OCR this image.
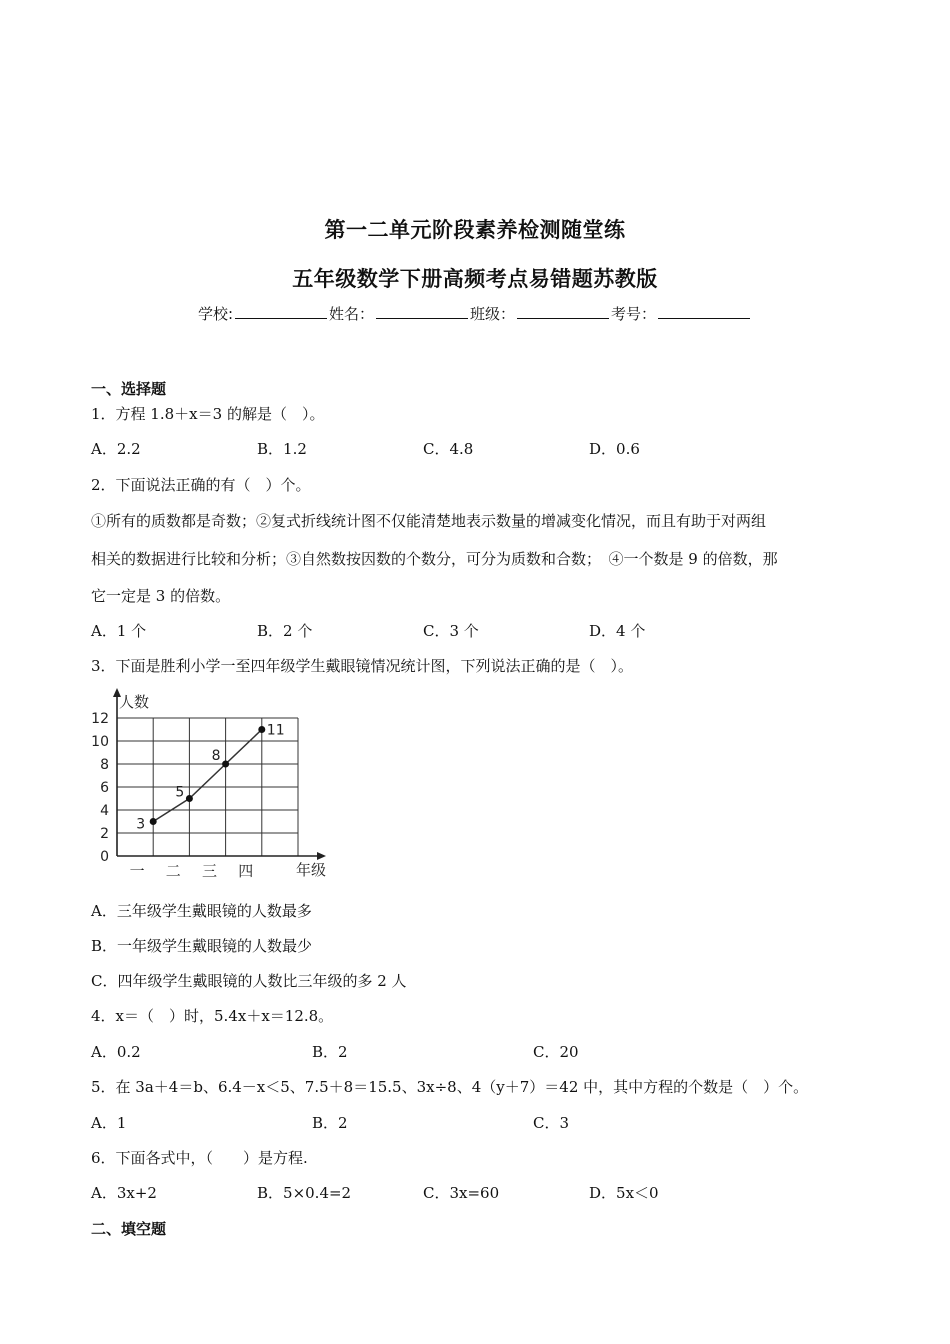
第一二单元阶段素养检测随堂练
五年级数学下册高频考点易错题苏教版
学校:	姓名：	班级：	考号：
一、选择题
1．方程 1.8＋x＝3 的解是（　）。
A．2.2	B．1.2	C．4.8	D．0.6
2．下面说法正确的有（　）个。
①所有的质数都是奇数；②复式折线统计图不仅能清楚地表示数量的增减变化情况，而且有助于对两组
相关的数据进行比较和分析；③自然数按因数的个数分，可分为质数和合数；　④一个数是 9 的倍数，那
它一定是 3 的倍数。
A．1 个	B．2 个	C．3 个	D．4 个
3．下面是胜利小学一至四年级学生戴眼镜情况统计图，下列说法正确的是（　）。
人数
年级
0
2
4
6
8
10
12
一 二 三 四
3
5
8
11
A．三年级学生戴眼镜的人数最多
B．一年级学生戴眼镜的人数最少
C．四年级学生戴眼镜的人数比三年级的多 2 人
4．x＝（　）时，5.4x＋x＝12.8。
A．0.2	B．2	C．20
5．在 3a＋4＝b、6.4－x＜5、7.5＋8＝15.5、3x÷8、4（y＋7）＝42 中，其中方程的个数是（　）个。
A．1	B．2	C．3
6．下面各式中，（　　）是方程.
A．3x+2	B．5×0.4=2	C．3x=60	D．5x＜0
二、填空题
